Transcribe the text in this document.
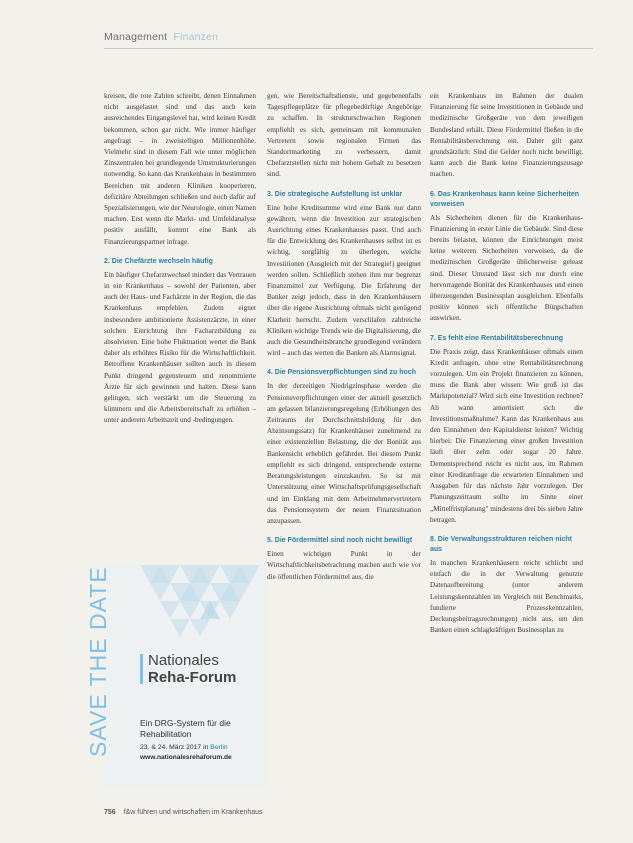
Management Finanzen

kreisen, die rote Zahlen schreibt, denen Einnahmen nicht ausgelastet sind und das auch kein ausreichendes Eingangslevel hat, wird keinen Kredit bekommen, schon gar nicht. Wie immer häufiger angefragt – in zweistelligen Millionenhöhe. Vielmehr sind in diesem Fall wie unter möglichen Zinszentralen bei grundlegende Umstrukturierungen notwendig. So kann das Krankenhaus in bestimmten Bereichen mit anderen Kliniken kooperieren, defizitäre Abteilungen schließen und noch dafür auf Spezialisierungen, wie der Neurologie, einen Namen machen. Erst wenn die Markt- und Umfeldanalyse positiv ausfällt, kommt eine Bank als Finanzierungspartner infrage.

2. Die Chefärzte wechseln häufig

Ein häufiger Chefarztwechsel mindert das Vertrauen in ein Krankenhaus – sowohl der Patienten, aber auch der Haus- und Fachärzte in der Region, die das Krankenhaus empfehlen. Zudem eignet insbesondere ambitionierte Assistenzärzte, in einer solchen Einrichtung ihre Facharztbildung zu absolvieren. Eine hohe Fluktuation wertet die Bank daher als erhöhtes Risiko für die Wirtschaftlichkeit. Betroffene Krankenhäuser sollten auch in diesem Punkt dringend gegensteuern und renommierte Ärzte für sich gewinnen und halten. Diese kann gelingen, sich verstärkt um die Steuerung zu kümmern und die Arbeitsbereitschaft zu erhöhen – unter anderem Arbeitszeit und -bedingungen.

gen, wie Bereitschaftsdienste, und gegebenenfalls Tagespflegeplätze für pflegebedürftige Angehörige zu schaffen. In strukturschwachen Regionen empfiehlt es sich, gemeinsam mit kommunalen Vertretern sowie regionalen Firmen das Standortmarketing zu verbessern, damit Chefarztstellen nicht mit hohem Gehalt zu besetzen sind.

3. Die strategische Aufstellung ist unklar

Eine hohe Kreditsumme wird eine Bank nur dann gewähren, wenn die Investition zur strategischen Ausrichtung eines Krankenhauses passt. Und auch für die Entwicklung des Krankenhauses selbst ist es wichtig, sorgfältig zu überlegen, welche Investitionen (Ausgleich mit der Strategie!) geeignet werden sollen. Schließlich stehen ihm nur begrenzt Finanzmittel zur Verfügung. Die Erfahrung der Banker zeigt jedoch, dass in den Krankenhäusern über die eigene Ausrichtung oftmals nicht genügend Klarheit herrscht. Zudem verschlafen zahlreiche Kliniken wichtige Trends wie die Digitalisierung, die auch die Gesundheitsbranche grundlegend verändern wird – auch das werten die Banken als Alarmsignal.

4. Die Pensionsverpflichtungen sind zu hoch

In der derzeitigen Niedrigzinsphase werden die Pensionsverpflichtungen einer der aktuell gesetzlich am gelassen bilanzierungsregelung (Erhöhungen des Zeitraums der Durchschnittsbildung für den Abzinsungssatz) für Krankenhäuser zunehmend zu einer existenziellen Belastung, die der Bonität aus Bankensicht erheblich gefährdet. Bei diesem Punkt empfiehlt es sich dringend, entsprechende externe Beratungsleistungen einzukaufen. So ist mit Unterstützung einer Wirtschaftsprüfungsgesellschaft und im Einklang mit dem Arbeitnehmervertretern das Pensionssystem der neuen Finanzsituation anzupassen.

5. Die Fördermittel sind noch nicht bewilligt

Einen wichtigen Punkt in der Wirtschaftlichkeitsbetrachtung machen auch wie vor die öffentlichen Fördermittel aus, die

ein Krankenhaus im Rahmen der dualen Finanzierung für seine Investitionen in Gebäude und medizinische Großgeräte von dem jeweiligen Bundesland erhält. Diese Fördermittel fließen in die Rentabilitätsberechnung ein. Daher gilt ganz grundsätzlich: Sind die Gelder noch nicht bewilligt, kann auch die Bank keine Finanzierungszusage machen.

6. Das Krankenhaus kann keine Sicherheiten vorweisen

Als Sicherheiten dienen für die Krankenhaus-Finanzierung in erster Linie die Gebäude. Sind diese bereits belastet, können die Einrichtungen meist keine weiteren Sicherheiten vorweisen, da die medizinischen Großgeräte üblicherweise geleast sind. Dieser Umstand lässt sich nur durch eine hervorragende Bonität des Krankenhauses und einen überzeugenden Businessplan ausgleichen. Ebenfalls positiv können sich öffentliche Bürgschaften auswirken.

7. Es fehlt eine Rentabilitätsberechnung

Die Praxis zeigt, dass Krankenhäuser oftmals einen Kredit anfragen, ohne eine Rentabilitätsrechnung vorzulegen. Um ein Projekt finanzieren zu können, muss die Bank aber wissen: Wie groß ist das Marktpotenzial? Wird sich eine Investition rechnen? Ab wann amortisiert sich die Investitionsmaßnahme? Kann das Krankenhaus aus den Einnahmen den Kapitaldienst leisten? Wichtig hierbei: Die Finanzierung einer großen Investition läuft über zehn oder sogar 20 Jahre. Dementsprechend reicht es nicht aus, im Rahmen einer Kreditanfrage die erwarteten Einnahmen und Ausgaben für das nächste Jahr vorzulegen. Der Planungszeitraum sollte im Sinne einer „Mittelfristplanung" mindestens drei bis sieben Jahre betragen.

8. Die Verwaltungsstrukturen reichen nicht aus

In manchen Krankenhäusern reicht schlicht und einfach die in der Verwaltung genutzte Datenaufbereitung (unter anderem Leistungskennzahlen im Vergleich mit Benchmarks, fundierte Prozesskennzahlen, Deckungsbeitragsrechnungen) nicht aus, um den Banken einen schlagkräftigen Businessplan zu

SAVE THE DATE Nationales
Reha-Forum
Ein DRG-System für die Rehabilitation
23. & 24. März 2017 in Berlin
www.nationalesrehaforum.de
756 f&w führen und wirtschaften im Krankenhaus
